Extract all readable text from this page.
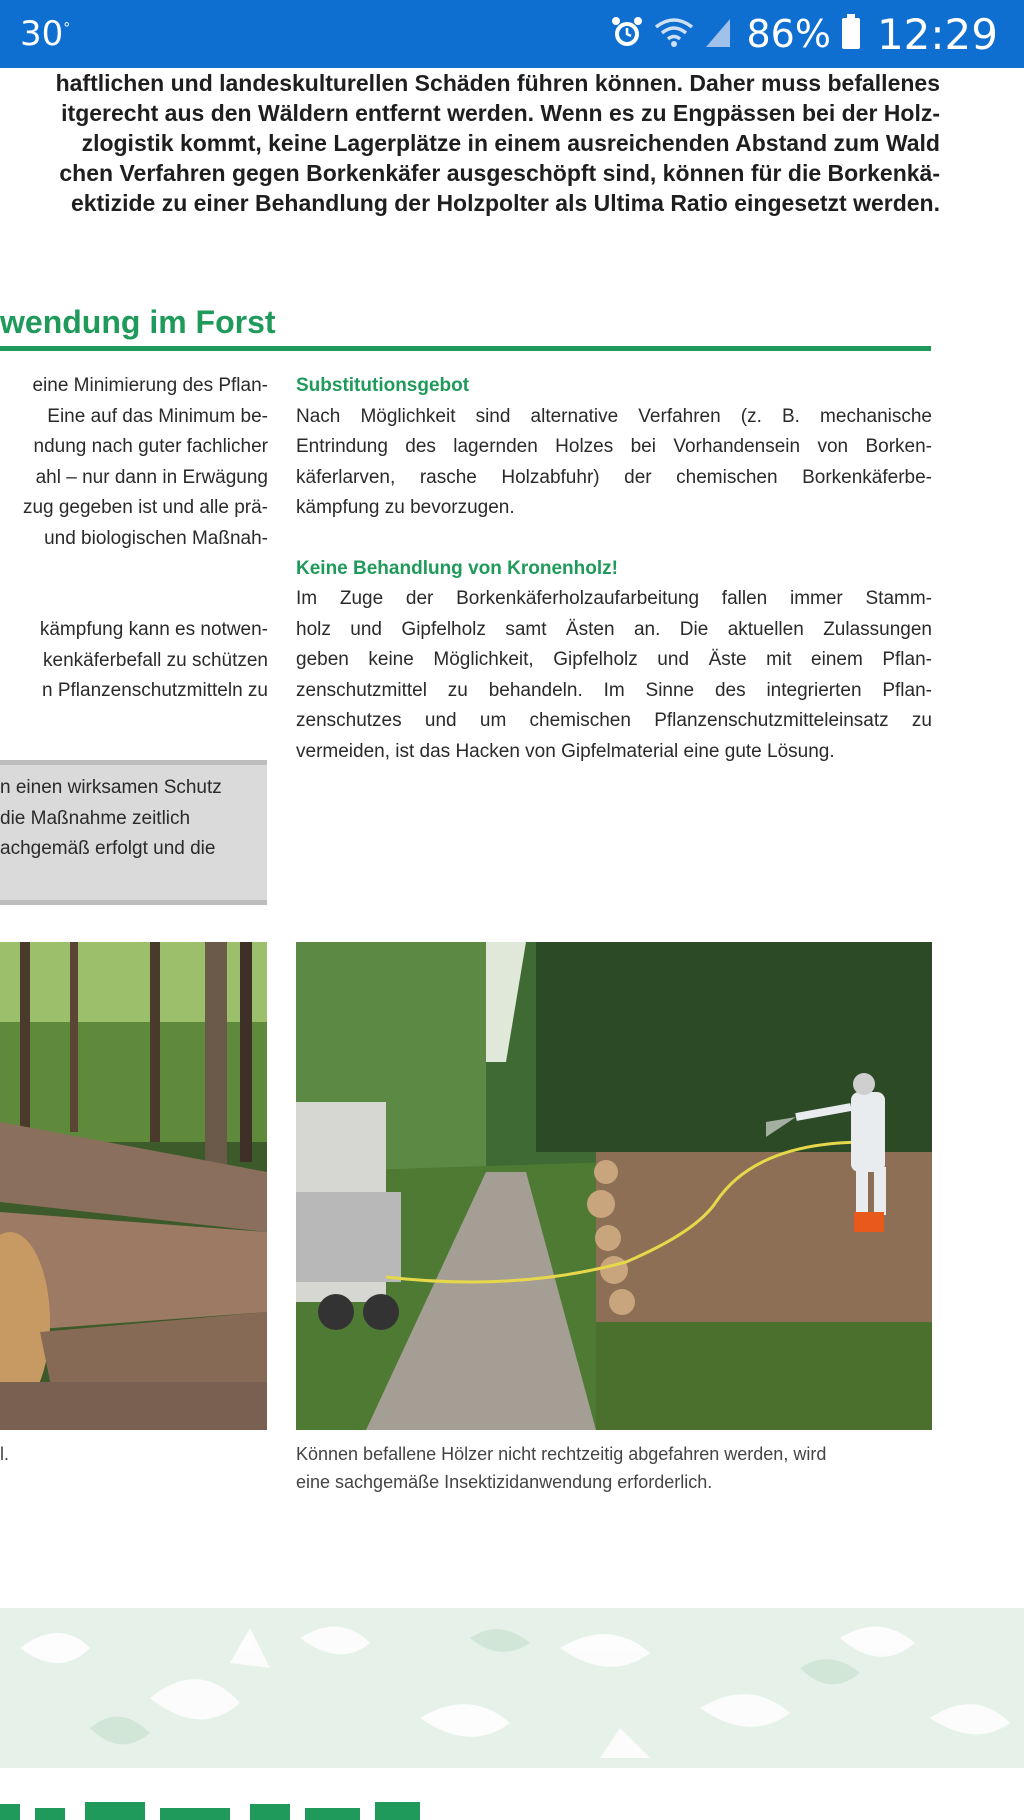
30°	86% 12:29
haftlichen und landeskulturellen Schäden führen können. Daher muss befallenes
itgerecht aus den Wäldern entfernt werden. Wenn es zu Engpässen bei der Holz-
zlogistik kommt, keine Lagerplätze in einem ausreichenden Abstand zum Wald
chen Verfahren gegen Borkenkäfer ausgeschöpft sind, können für die Borkenkä-
ektizide zu einer Behandlung der Holzpolter als Ultima Ratio eingesetzt werden.
wendung im Forst
eine Minimierung des Pflan-
Eine auf das Minimum be-
ndung nach guter fachlicher
ahl – nur dann in Erwägung
zug gegeben ist und alle prä-
und biologischen Maßnah-
kämpfung kann es notwen-
kenkäferbefall zu schützen
n Pflanzenschutzmitteln zu
n einen wirksamen Schutz
die Maßnahme zeitlich
achgemäß erfolgt und die
Substitutionsgebot
Nach Möglichkeit sind alternative Verfahren (z. B. mechanische
Entrindung des lagernden Holzes bei Vorhandensein von Borken-
käferlarven, rasche Holzabfuhr) der chemischen Borkenkäferbe-
kämpfung zu bevorzugen.
Keine Behandlung von Kronenholz!
Im Zuge der Borkenkäferholzaufarbeitung fallen immer Stamm-
holz und Gipfelholz samt Ästen an. Die aktuellen Zulassungen
geben keine Möglichkeit, Gipfelholz und Äste mit einem Pflan-
zenschutzmittel zu behandeln. Im Sinne des integrierten Pflan-
zenschutzes und um chemischen Pflanzenschutzmitteleinsatz zu
vermeiden, ist das Hacken von Gipfelmaterial eine gute Lösung.
l.	Können befallene Hölzer nicht rechtzeitig abgefahren werden, wird
eine sachgemäße Insektizidanwendung erforderlich.
